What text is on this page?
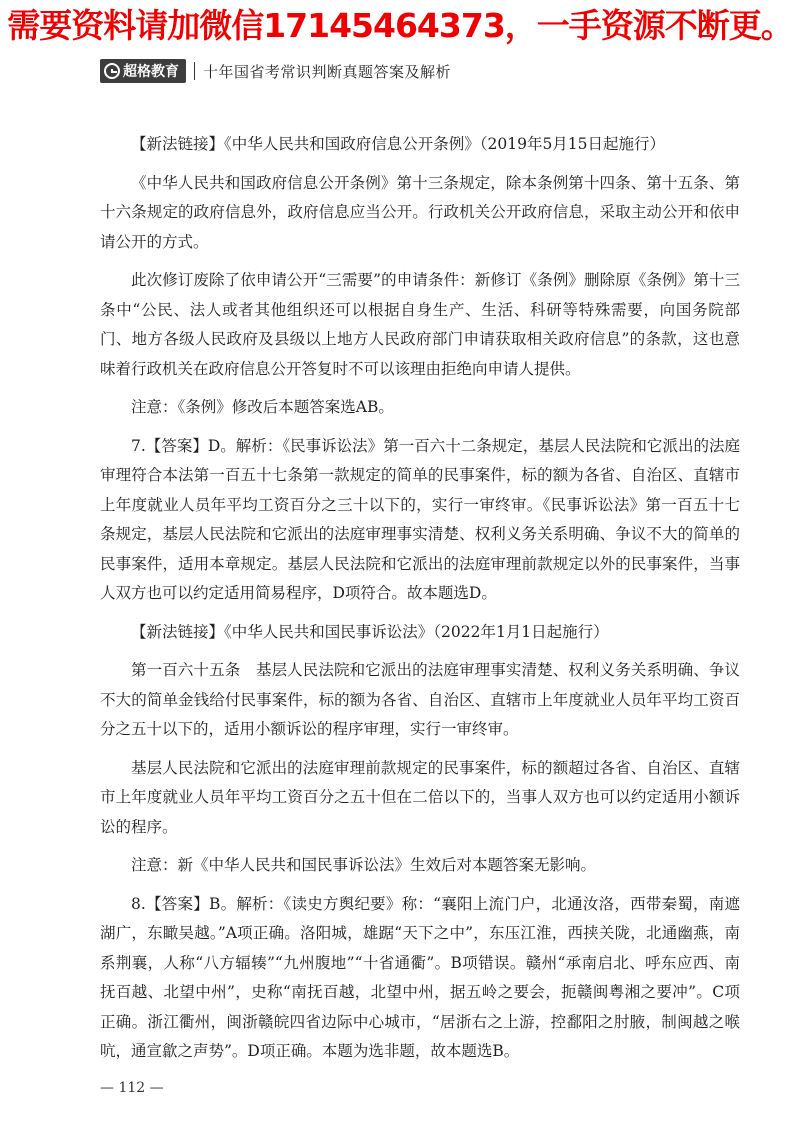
需要资料请加微信17145464373，一手资源不断更。
超格教育 十年国省考常识判断真题答案及解析

【新法链接】《中华人民共和国政府信息公开条例》（2019年5月15日起施行）

《中华人民共和国政府信息公开条例》第十三条规定，除本条例第十四条、第十五条、第十六条规定的政府信息外，政府信息应当公开。行政机关公开政府信息，采取主动公开和依申请公开的方式。

此次修订废除了依申请公开“三需要”的申请条件：新修订《条例》删除原《条例》第十三条中“公民、法人或者其他组织还可以根据自身生产、生活、科研等特殊需要，向国务院部门、地方各级人民政府及县级以上地方人民政府部门申请获取相关政府信息”的条款，这也意味着行政机关在政府信息公开答复时不可以该理由拒绝向申请人提供。

注意：《条例》修改后本题答案选AB。

7.【答案】D。解析：《民事诉讼法》第一百六十二条规定，基层人民法院和它派出的法庭审理符合本法第一百五十七条第一款规定的简单的民事案件，标的额为各省、自治区、直辖市上年度就业人员年平均工资百分之三十以下的，实行一审终审。《民事诉讼法》第一百五十七条规定，基层人民法院和它派出的法庭审理事实清楚、权利义务关系明确、争议不大的简单的民事案件，适用本章规定。基层人民法院和它派出的法庭审理前款规定以外的民事案件，当事人双方也可以约定适用简易程序，D项符合。故本题选D。

【新法链接】《中华人民共和国民事诉讼法》（2022年1月1日起施行）

第一百六十五条　基层人民法院和它派出的法庭审理事实清楚、权利义务关系明确、争议不大的简单金钱给付民事案件，标的额为各省、自治区、直辖市上年度就业人员年平均工资百分之五十以下的，适用小额诉讼的程序审理，实行一审终审。

基层人民法院和它派出的法庭审理前款规定的民事案件，标的额超过各省、自治区、直辖市上年度就业人员年平均工资百分之五十但在二倍以下的，当事人双方也可以约定适用小额诉讼的程序。

注意：新《中华人民共和国民事诉讼法》生效后对本题答案无影响。

8.【答案】B。解析：《读史方舆纪要》称：“襄阳上流门户，北通汝洛，西带秦蜀，南遮湖广，东瞰吴越。”A项正确。洛阳城，雄踞“天下之中”，东压江淮，西挟关陇，北通幽燕，南系荆襄，人称“八方辐辏”“九州腹地”“十省通衢”。B项错误。赣州“承南启北、呼东应西、南抚百越、北望中州”，史称“南抚百越，北望中州，据五岭之要会，扼赣闽粤湘之要冲”。C项正确。浙江衢州，闽浙赣皖四省边际中心城市，“居浙右之上游，控鄱阳之肘腋，制闽越之喉吭，通宣歙之声势”。D项正确。本题为选非题，故本题选B。

— 112 —
